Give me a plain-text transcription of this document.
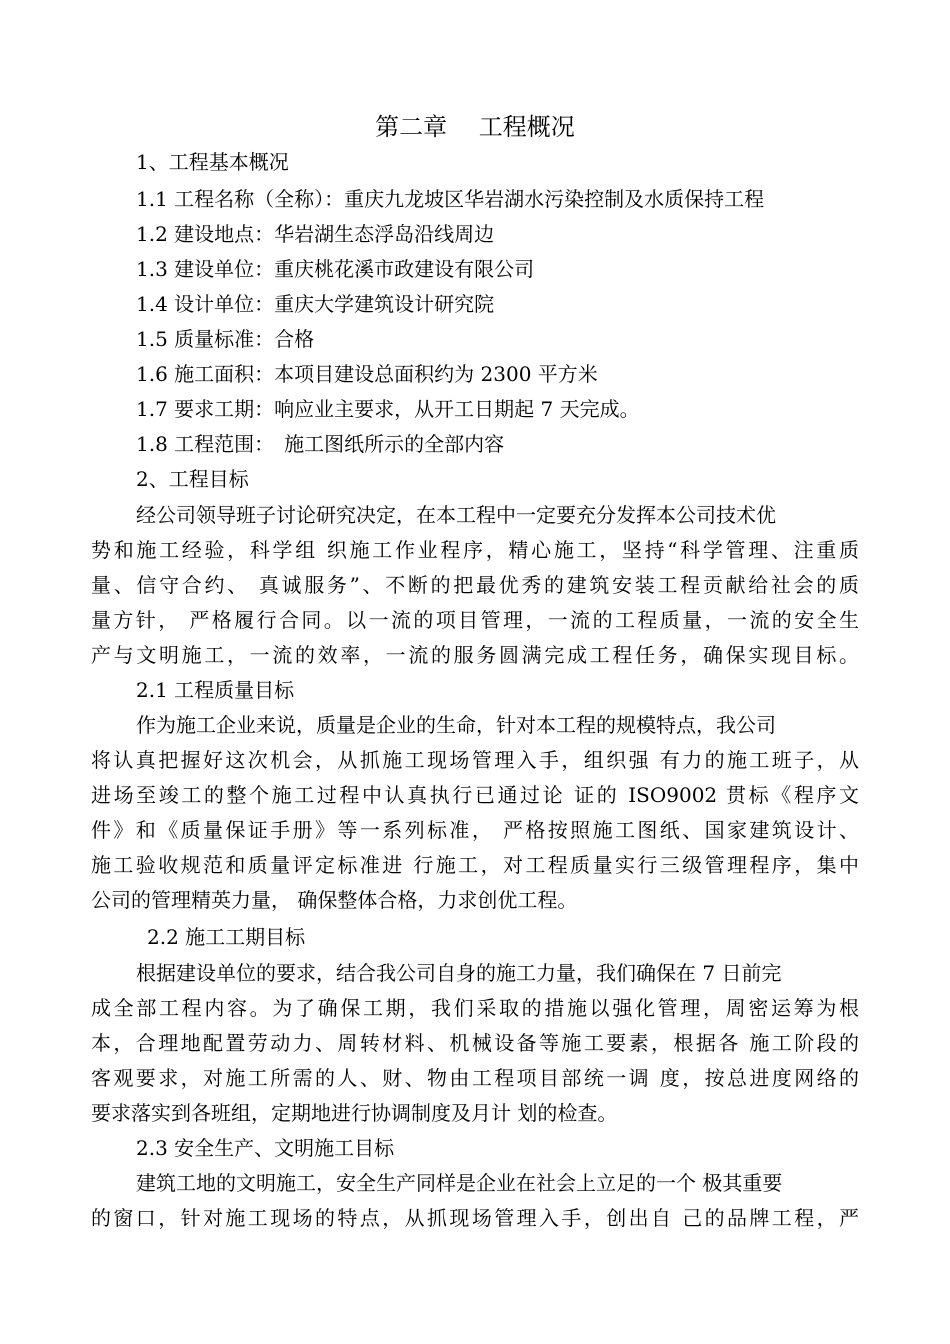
第二章　 工程概况
1、工程基本概况
1.1 工程名称（全称）：重庆九龙坡区华岩湖水污染控制及水质保持工程
1.2 建设地点：华岩湖生态浮岛沿线周边
1.3 建设单位：重庆桃花溪市政建设有限公司
1.4 设计单位：重庆大学建筑设计研究院
1.5 质量标准：合格
1.6 施工面积：本项目建设总面积约为 2300 平方米
1.7 要求工期：响应业主要求，从开工日期起 7 天完成。
1.8 工程范围：　施工图纸所示的全部内容
2、工程目标
经公司领导班子讨论研究决定，在本工程中一定要充分发挥本公司技术优
势和施工经验，科学组 织施工作业程序，精心施工，坚持“科学管理、注重质
量、信守合约、 真诚服务”、不断的把最优秀的建筑安装工程贡献给社会的质
量方针， 严格履行合同。以一流的项目管理，一流的工程质量，一流的安全生
产与文明施工，一流的效率，一流的服务圆满完成工程任务，确保实现目标。
2.1 工程质量目标
作为施工企业来说，质量是企业的生命，针对本工程的规模特点，我公司
将认真把握好这次机会，从抓施工现场管理入手，组织强 有力的施工班子，从
进场至竣工的整个施工过程中认真执行已通过论 证的 ISO9002 贯标《程序文
件》和《质量保证手册》等一系列标准， 严格按照施工图纸、国家建筑设计、
施工验收规范和质量评定标准进 行施工，对工程质量实行三级管理程序，集中
公司的管理精英力量， 确保整体合格，力求创优工程。
2.2 施工工期目标
根据建设单位的要求，结合我公司自身的施工力量，我们确保在 7 日前完
成全部工程内容。为了确保工期，我们采取的措施以强化管理，周密运筹为根
本，合理地配置劳动力、周转材料、机械设备等施工要素，根据各 施工阶段的
客观要求，对施工所需的人、财、物由工程项目部统一调 度，按总进度网络的
要求落实到各班组，定期地进行协调制度及月计 划的检查。
2.3 安全生产、文明施工目标
建筑工地的文明施工，安全生产同样是企业在社会上立足的一个 极其重要
的窗口，针对施工现场的特点，从抓现场管理入手，创出自 己的品牌工程，严
